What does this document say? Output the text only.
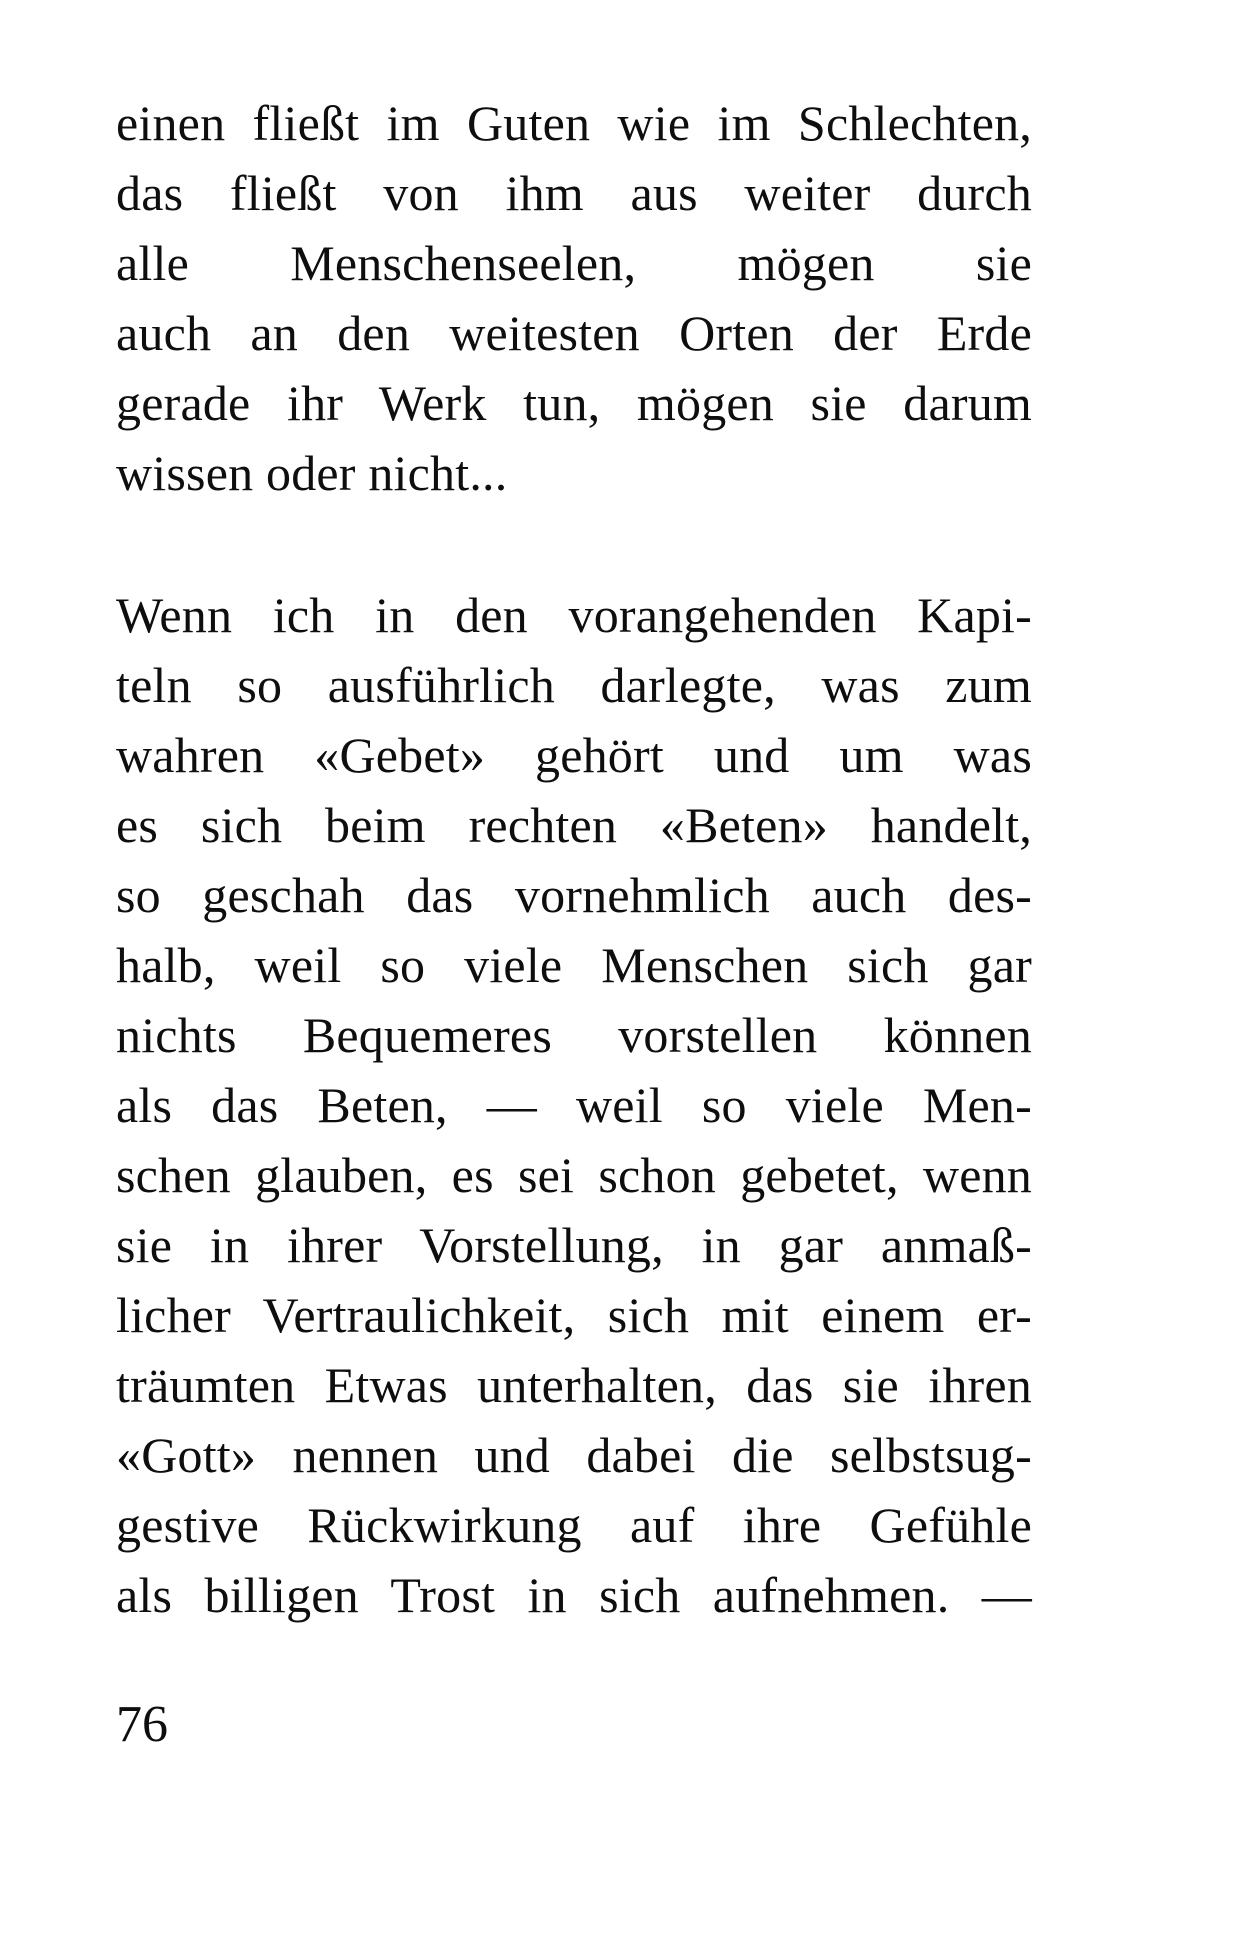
einen fließt im Guten wie im Schlechten,
das fließt von ihm aus weiter durch
alle Menschenseelen, mögen sie
auch an den weitesten Orten der Erde
gerade ihr Werk tun, mögen sie darum
wissen oder nicht...
Wenn ich in den vorangehenden Kapi-
teln so ausführlich darlegte, was zum
wahren «Gebet» gehört und um was
es sich beim rechten «Beten» handelt,
so geschah das vornehmlich auch des-
halb, weil so viele Menschen sich gar
nichts Bequemeres vorstellen können
als das Beten, — weil so viele Men-
schen glauben, es sei schon gebetet, wenn
sie in ihrer Vorstellung, in gar anmaß-
licher Vertraulichkeit, sich mit einem er-
träumten Etwas unterhalten, das sie ihren
«Gott» nennen und dabei die selbstsug-
gestive Rückwirkung auf ihre Gefühle
als billigen Trost in sich aufnehmen. —
76
